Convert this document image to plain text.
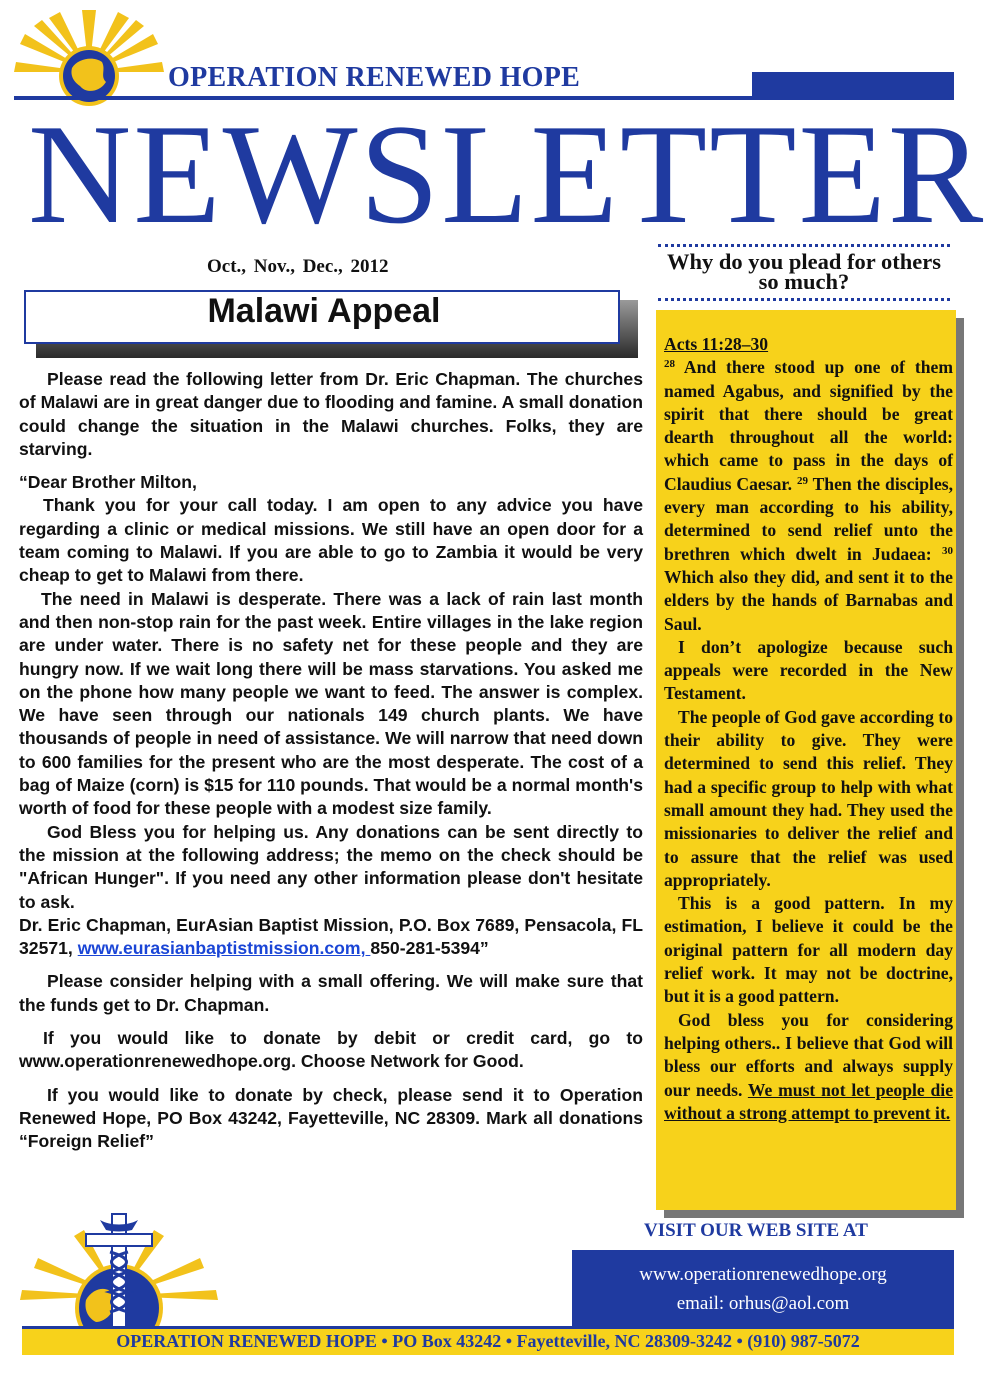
OPERATION RENEWED HOPE
NEWSLETTER
Oct., Nov., Dec., 2012
Malawi Appeal

Please read the following letter from Dr. Eric Chapman. The churches of Malawi are in great danger due to flooding and famine. A small donation could change the situation in the Malawi churches. Folks, they are starving.

“Dear Brother Milton,

Thank you for your call today. I am open to any advice you have regarding a clinic or medical missions. We still have an open door for a team coming to Malawi. If you are able to go to Zambia it would be very cheap to get to Malawi from there.

The need in Malawi is desperate. There was a lack of rain last month and then non-stop rain for the past week. Entire villages in the lake region are under water. There is no safety net for these people and they are hungry now. If we wait long there will be mass starvations. You asked me on the phone how many people we want to feed. The answer is complex. We have seen through our nationals 149 church plants. We have thousands of people in need of assistance. We will narrow that need down to 600 families for the present who are the most desperate. The cost of a bag of Maize (corn) is $15 for 110 pounds. That would be a normal month's worth of food for these people with a modest size family.

God Bless you for helping us. Any donations can be sent directly to the mission at the following address; the memo on the check should be "African Hunger". If you need any other information please don't hesitate to ask.

Dr. Eric Chapman, EurAsian Baptist Mission, P.O. Box 7689, Pensacola, FL 32571, www.eurasianbaptistmission.com, 850-281-5394”

Please consider helping with a small offering. We will make sure that the funds get to Dr. Chapman.

If you would like to donate by debit or credit card, go to www.operationrenewedhope.org. Choose Network for Good.

If you would like to donate by check, please send it to Operation Renewed Hope, PO Box 43242, Fayetteville, NC 28309. Mark all donations “Foreign Relief”

Why do you plead for others so much?

Acts 11:28–30

$^{28}$ And there stood up one of them named Agabus, and signified by the spirit that there should be great dearth throughout all the world: which came to pass in the days of Claudius Caesar. $^{29}$ Then the disciples, every man according to his ability, determined to send relief unto the brethren which dwelt in Judaea: $^{30}$ Which also they did, and sent it to the elders by the hands of Barnabas and Saul.

I don’t apologize because such appeals were recorded in the New Testament.

The people of God gave according to their ability to give. They were determined to send this relief. They had a specific group to help with what small amount they had. They used the missionaries to deliver the relief and to assure that the relief was used appropriately.

This is a good pattern. In my estimation, I believe it could be the original pattern for all modern day relief work. It may not be doctrine, but it is a good pattern.

God bless you for considering helping others.. I believe that God will bless our efforts and always supply our needs. We must not let people die without a strong attempt to prevent it.

VISIT OUR WEB SITE AT
www.operationrenewedhope.org
email: orhus@aol.com
OPERATION RENEWED HOPE • PO Box 43242 • Fayetteville, NC 28309-3242 • (910) 987-5072
